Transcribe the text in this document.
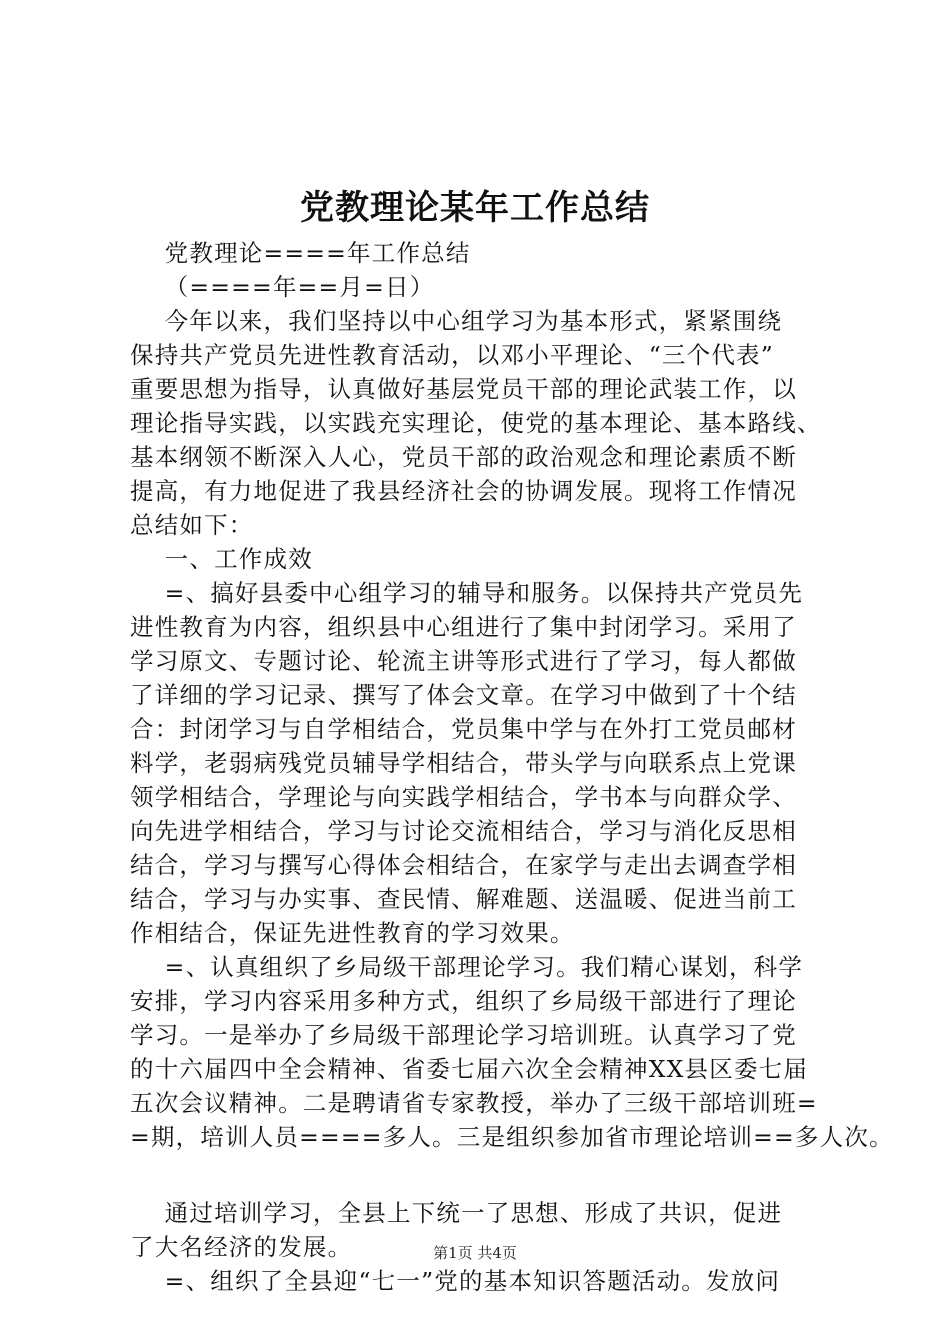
党教理论某年工作总结
党教理论====年工作总结
（====年==月=日）
今年以来，我们坚持以中心组学习为基本形式，紧紧围绕
保持共产党员先进性教育活动，以邓小平理论、“三个代表”
重要思想为指导，认真做好基层党员干部的理论武装工作，以
理论指导实践，以实践充实理论，使党的基本理论、基本路线、
基本纲领不断深入人心，党员干部的政治观念和理论素质不断
提高，有力地促进了我县经济社会的协调发展。现将工作情况
总结如下：
一、工作成效
=、搞好县委中心组学习的辅导和服务。以保持共产党员先
进性教育为内容，组织县中心组进行了集中封闭学习。采用了
学习原文、专题讨论、轮流主讲等形式进行了学习，每人都做
了详细的学习记录、撰写了体会文章。在学习中做到了十个结
合：封闭学习与自学相结合，党员集中学与在外打工党员邮材
料学，老弱病残党员辅导学相结合，带头学与向联系点上党课
领学相结合，学理论与向实践学相结合，学书本与向群众学、
向先进学相结合，学习与讨论交流相结合，学习与消化反思相
结合，学习与撰写心得体会相结合，在家学与走出去调查学相
结合，学习与办实事、查民情、解难题、送温暖、促进当前工
作相结合，保证先进性教育的学习效果。
=、认真组织了乡局级干部理论学习。我们精心谋划，科学
安排，学习内容采用多种方式，组织了乡局级干部进行了理论
学习。一是举办了乡局级干部理论学习培训班。认真学习了党
的十六届四中全会精神、省委七届六次全会精神XX县区委七届
五次会议精神。二是聘请省专家教授，举办了三级干部培训班=
=期，培训人员====多人。三是组织参加省市理论培训==多人次。
通过培训学习，全县上下统一了思想、形成了共识，促进
了大名经济的发展。
=、组织了全县迎“七一”党的基本知识答题活动。发放问
第1页 共4页
